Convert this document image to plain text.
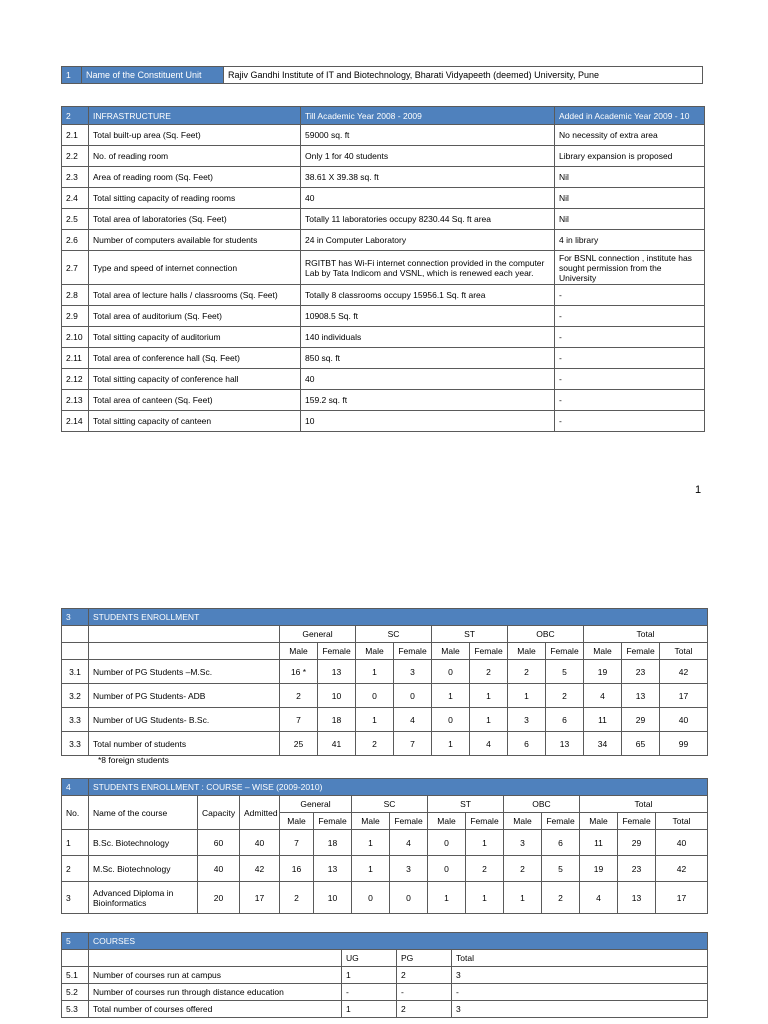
1	Name of the Constituent Unit	Rajiv Gandhi Institute of IT and Biotechnology, Bharati Vidyapeeth (deemed) University, Pune
2	INFRASTRUCTURE	Till Academic Year 2008 - 2009	Added in Academic Year 2009 - 10
2.1	Total built-up area (Sq. Feet)	59000 sq. ft	No necessity of extra area
2.2	No. of reading room	Only 1 for 40 students	Library expansion is proposed
2.3	Area of reading room (Sq. Feet)	38.61 X 39.38 sq. ft	Nil
2.4	Total sitting capacity of reading rooms	40	Nil
2.5	Total area of laboratories (Sq. Feet)	Totally 11 laboratories occupy 8230.44 Sq. ft area	Nil
2.6	Number of computers available for students	24 in Computer Laboratory	4 in library
2.7	Type and speed of internet connection	RGITBT has Wi-Fi internet connection provided in the computer Lab by Tata Indicom and VSNL, which is renewed each year.	For BSNL connection , institute has sought permission from the University
2.8	Total area of lecture halls / classrooms (Sq. Feet)	Totally 8 classrooms occupy 15956.1 Sq. ft area	-
2.9	Total area of auditorium (Sq. Feet)	10908.5 Sq. ft	-
2.10	Total sitting capacity of auditorium	140 individuals	-
2.11	Total area of conference hall (Sq. Feet)	850 sq. ft	-
2.12	Total sitting capacity of conference hall	40	-
2.13	Total area of canteen (Sq. Feet)	159.2 sq. ft	-
2.14	Total sitting capacity of canteen	10	-
1
3	STUDENTS ENROLLMENT											
		General		SC		ST		OBC		Total		
		Male	Female	Male	Female	Male	Female	Male	Female	Male	Female	Total
3.1	Number of PG Students –M.Sc.	16 *	13	1	3	0	2	2	5	19	23	42
3.2	Number of PG Students- ADB	2	10	0	0	1	1	1	2	4	13	17
3.3	Number of UG Students- B.Sc.	7	18	1	4	0	1	3	6	11	29	40
3.3	Total number of students	25	41	2	7	1	4	6	13	34	65	99
*8 foreign students
4	STUDENTS ENROLLMENT : COURSE – WISE (2009-2010)													
No.	Name of the course	Capacity	Admitted	General		SC		ST		OBC		Total		
				Male	Female	Male	Female	Male	Female	Male	Female	Male	Female	Total
1	B.Sc. Biotechnology	60	40	7	18	1	4	0	1	3	6	11	29	40
2	M.Sc. Biotechnology	40	42	16	13	1	3	0	2	2	5	19	23	42
3	Advanced Diploma in Bioinformatics	20	17	2	10	0	0	1	1	1	2	4	13	17
5	COURSES			
		UG	PG	Total
5.1	Number of courses run at campus	1	2	3
5.2	Number of courses run through distance education	-	-	-
5.3	Total number of courses offered	1	2	3
